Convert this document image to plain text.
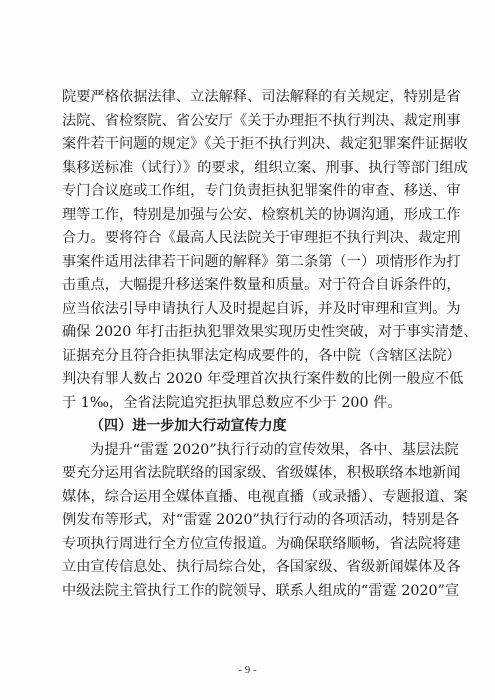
院要严格依据法律、立法解释、司法解释的有关规定，特别是省
法院、省检察院、省公安厅《关于办理拒不执行判决、裁定刑事
案件若干问题的规定》《关于拒不执行判决、裁定犯罪案件证据收
集移送标准（试行）》的要求，组织立案、刑事、执行等部门组成
专门合议庭或工作组，专门负责拒执犯罪案件的审查、移送、审
理等工作，特别是加强与公安、检察机关的协调沟通，形成工作
合力。要将符合《最高人民法院关于审理拒不执行判决、裁定刑
事案件适用法律若干问题的解释》第二条第（一）项情形作为打
击重点，大幅提升移送案件数量和质量。对于符合自诉条件的，
应当依法引导申请执行人及时提起自诉，并及时审理和宣判。为
确保 2020 年打击拒执犯罪效果实现历史性突破，对于事实清楚、
证据充分且符合拒执罪法定构成要件的，各中院（含辖区法院）
判决有罪人数占 2020 年受理首次执行案件数的比例一般应不低
于 1‰，全省法院追究拒执罪总数应不少于 200 件。
（四）进一步加大行动宣传力度
为提升“雷霆 2020”执行行动的宣传效果，各中、基层法院
要充分运用省法院联络的国家级、省级媒体，积极联络本地新闻
媒体，综合运用全媒体直播、电视直播（或录播）、专题报道、案
例发布等形式，对“雷霆 2020”执行行动的各项活动，特别是各
专项执行周进行全方位宣传报道。为确保联络顺畅，省法院将建
立由宣传信息处、执行局综合处，各国家级、省级新闻媒体及各
中级法院主管执行工作的院领导、联系人组成的“雷霆 2020”宣
- 9 -
